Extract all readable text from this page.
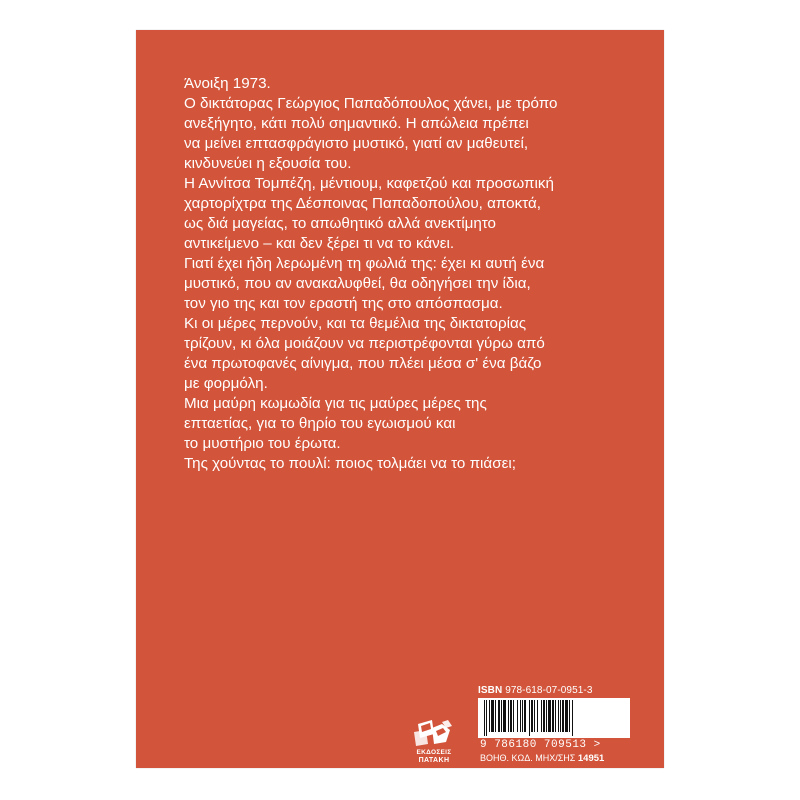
Άνοιξη 1973.
Ο δικτάτορας Γεώργιος Παπαδόπουλος χάνει, με τρόπο
ανεξήγητο, κάτι πολύ σημαντικό. Η απώλεια πρέπει
να μείνει επτασφράγιστο μυστικό, γιατί αν μαθευτεί,
κινδυνεύει η εξουσία του.
Η Αννίτσα Τομπέζη, μέντιουμ, καφετζού και προσωπική
χαρτορίχτρα της Δέσποινας Παπαδοπούλου, αποκτά,
ως διά μαγείας, το απωθητικό αλλά ανεκτίμητο
αντικείμενο – και δεν ξέρει τι να το κάνει.
Γιατί έχει ήδη λερωμένη τη φωλιά της: έχει κι αυτή ένα
μυστικό, που αν ανακαλυφθεί, θα οδηγήσει την ίδια,
τον γιο της και τον εραστή της στο απόσπασμα.
Κι οι μέρες περνούν, και τα θεμέλια της δικτατορίας
τρίζουν, κι όλα μοιάζουν να περιστρέφονται γύρω από
ένα πρωτοφανές αίνιγμα, που πλέει μέσα σ' ένα βάζο
με φορμόλη.
Μια μαύρη κωμωδία για τις μαύρες μέρες της
επταετίας, για το θηρίο του εγωισμού και
το μυστήριο του έρωτα.
Της χούντας το πουλί: ποιος τολμάει να το πιάσει;
ISBN 978-618-07-0951-3
9 786180 709513 >
ΒΟΗΘ. ΚΩΔ. ΜΗΧ/ΣΗΣ 14951
ΕΚΔΟΣΕΙΣ
ΠΑΤΑΚΗ
